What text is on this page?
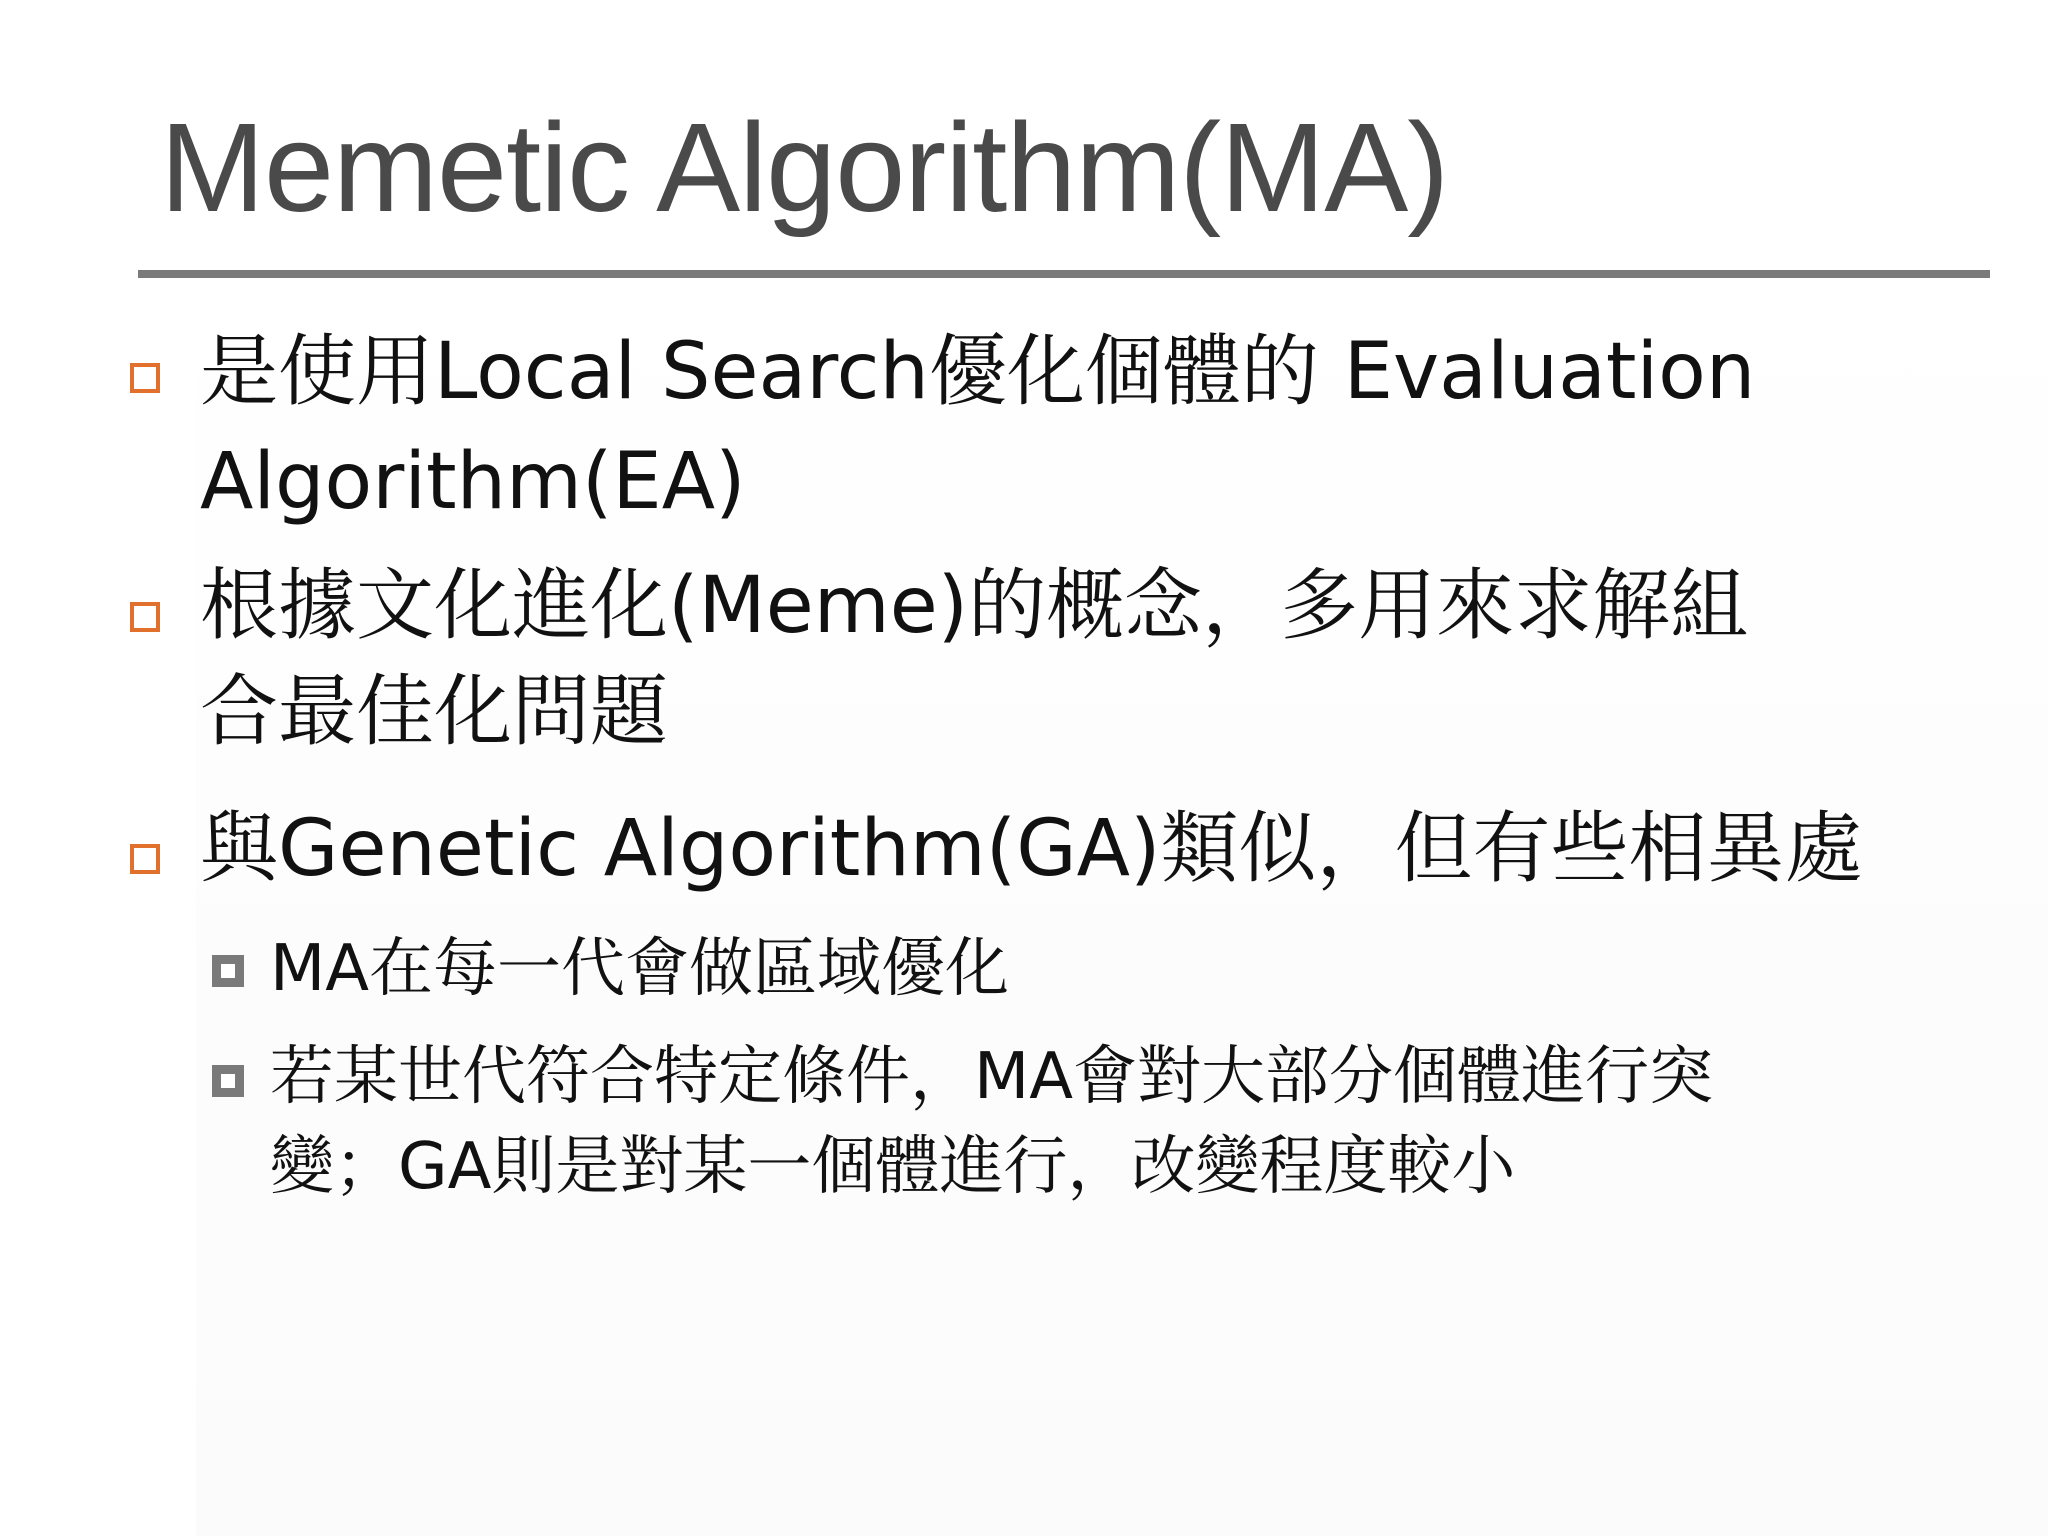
Memetic Algorithm(MA)
是使用Local Search優化個體的 Evaluation
Algorithm(EA)
根據文化進化(Meme)的概念，多用來求解組
合最佳化問題
與Genetic Algorithm(GA)類似，但有些相異處
MA在每一代會做區域優化
若某世代符合特定條件，MA會對大部分個體進行突
變；GA則是對某一個體進行，改變程度較小
